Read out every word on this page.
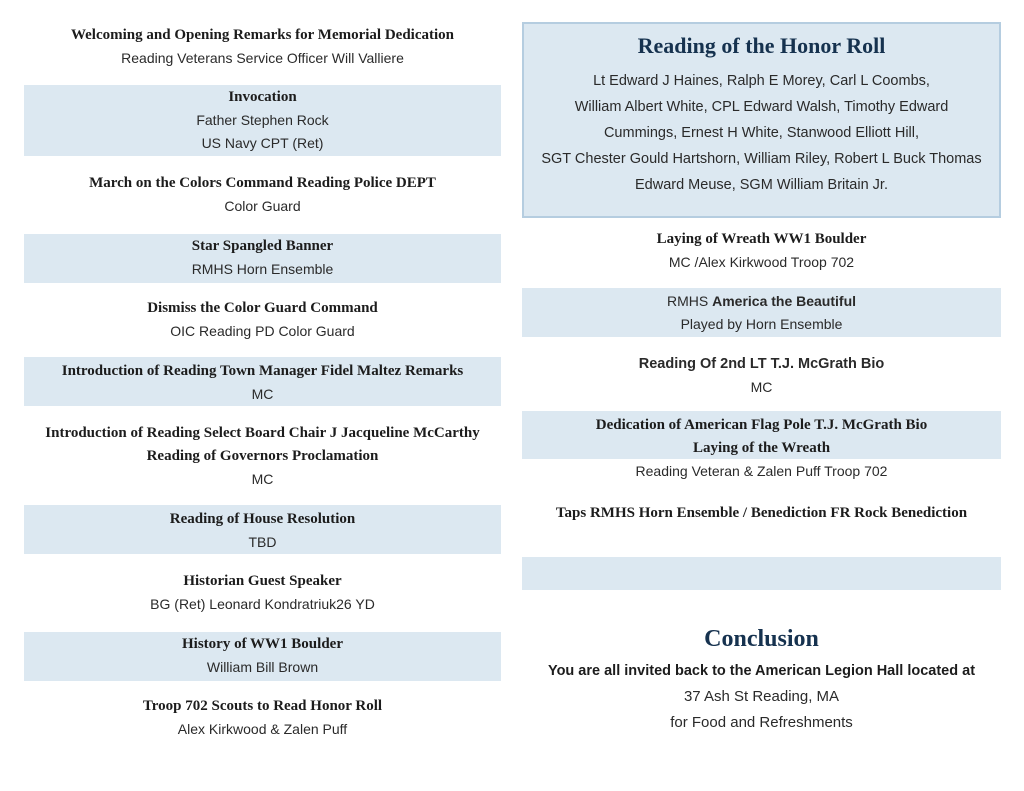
Welcoming and Opening Remarks for Memorial Dedication
Reading Veterans Service Officer Will Valliere
Invocation
Father Stephen Rock
US Navy CPT (Ret)
March on the Colors Command Reading Police DEPT
Color Guard
Star Spangled Banner
RMHS Horn Ensemble
Dismiss the Color Guard Command
OIC Reading PD Color Guard
Introduction of Reading Town Manager Fidel Maltez Remarks
MC
Introduction of Reading Select Board Chair J Jacqueline McCarthy
Reading of Governors Proclamation
MC
Reading of House Resolution
TBD
Historian Guest Speaker
BG (Ret) Leonard Kondratriuk26 YD
History of WW1 Boulder
William Bill Brown
Troop 702 Scouts to Read Honor Roll
Alex Kirkwood & Zalen Puff
Reading of the Honor Roll
Lt Edward J Haines, Ralph E Morey, Carl L Coombs,
William Albert White, CPL Edward Walsh, Timothy Edward
Cummings, Ernest H White, Stanwood Elliott Hill,
SGT Chester Gould Hartshorn, William Riley, Robert L Buck Thomas
Edward Meuse, SGM William Britain Jr.
Laying of Wreath WW1 Boulder
MC /Alex Kirkwood Troop 702
RMHS America the Beautiful
Played by Horn Ensemble
Reading Of 2nd LT T.J. McGrath Bio
MC
Dedication of American Flag Pole T.J. McGrath Bio
Laying of the Wreath
Reading Veteran & Zalen Puff Troop 702
Taps RMHS Horn Ensemble / Benediction FR Rock Benediction
Conclusion
You are all invited back to the American Legion Hall located at
37 Ash St Reading, MA
for Food and Refreshments
